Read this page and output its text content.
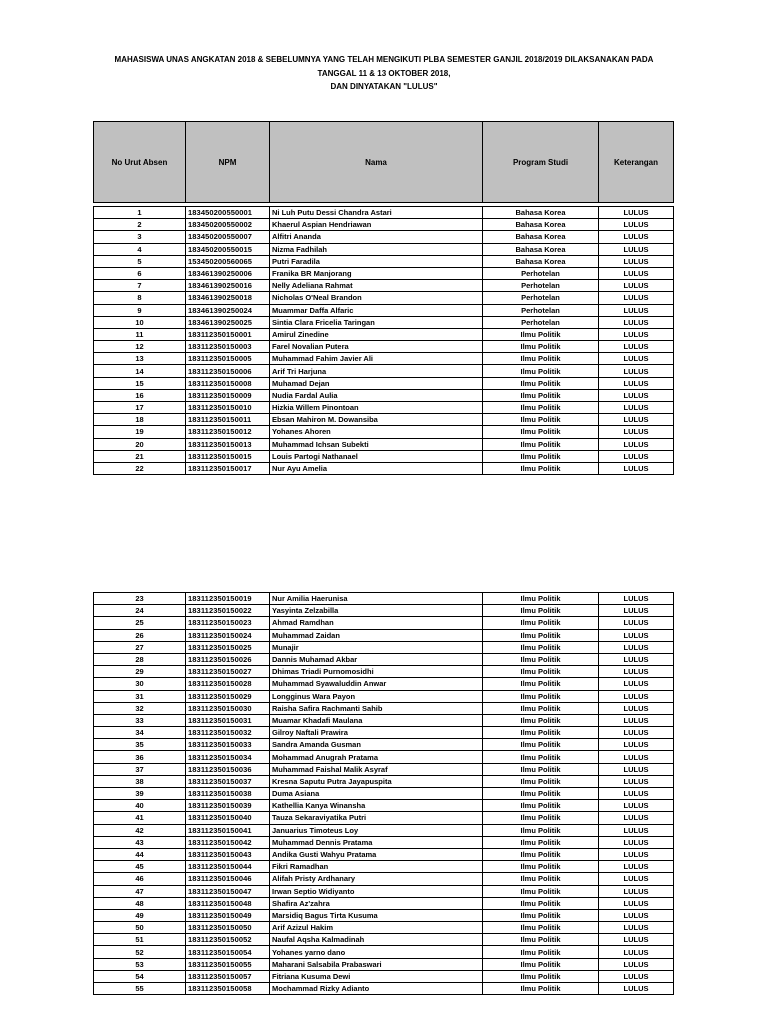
MAHASISWA UNAS ANGKATAN 2018 & SEBELUMNYA YANG TELAH MENGIKUTI PLBA SEMESTER GANJIL 2018/2019 DILAKSANAKAN PADA
TANGGAL 11 & 13 OKTOBER 2018,
DAN DINYATAKAN "LULUS"
No Urut Absen	NPM	Nama	Program Studi	Keterangan

1	183450200550001	Ni Luh Putu Dessi Chandra Astari	Bahasa Korea	LULUS
2	183450200550002	Khaerul Aspian Hendriawan	Bahasa Korea	LULUS
3	183450200550007	Alfitri Ananda	Bahasa Korea	LULUS
4	183450200550015	Nizma Fadhilah	Bahasa Korea	LULUS
5	153450200560065	Putri Faradila	Bahasa Korea	LULUS
6	183461390250006	Franika BR Manjorang	Perhotelan	LULUS
7	183461390250016	Nelly Adeliana Rahmat	Perhotelan	LULUS
8	183461390250018	Nicholas O'Neal Brandon	Perhotelan	LULUS
9	183461390250024	Muammar Daffa Alfaric	Perhotelan	LULUS
10	183461390250025	Sintia Clara Fricelia Taringan	Perhotelan	LULUS
11	183112350150001	Amirul Zinedine	Ilmu Politik	LULUS
12	183112350150003	Farel Novalian Putera	Ilmu Politik	LULUS
13	183112350150005	Muhammad Fahim Javier Ali	Ilmu Politik	LULUS
14	183112350150006	Arif Tri Harjuna	Ilmu Politik	LULUS
15	183112350150008	Muhamad Dejan	Ilmu Politik	LULUS
16	183112350150009	Nudia Fardal Aulia	Ilmu Politik	LULUS
17	183112350150010	Hizkia Willem Pinontoan	Ilmu Politik	LULUS
18	183112350150011	Ebsan Mahiron M. Dowansiba	Ilmu Politik	LULUS
19	183112350150012	Yohanes Ahoren	Ilmu Politik	LULUS
20	183112350150013	Muhammad Ichsan Subekti	Ilmu Politik	LULUS
21	183112350150015	Louis Partogi Nathanael	Ilmu Politik	LULUS
22	183112350150017	Nur Ayu Amelia	Ilmu Politik	LULUS
23	183112350150019	Nur Amilia Haerunisa	Ilmu Politik	LULUS
24	183112350150022	Yasyinta Zelzabilla	Ilmu Politik	LULUS
25	183112350150023	Ahmad Ramdhan	Ilmu Politik	LULUS
26	183112350150024	Muhammad Zaidan	Ilmu Politik	LULUS
27	183112350150025	Munajir	Ilmu Politik	LULUS
28	183112350150026	Dannis Muhamad Akbar	Ilmu Politik	LULUS
29	183112350150027	Dhimas Triadi Purnomosidhi	Ilmu Politik	LULUS
30	183112350150028	Muhammad Syawaluddin Anwar	Ilmu Politik	LULUS
31	183112350150029	Longginus Wara Payon	Ilmu Politik	LULUS
32	183112350150030	Raisha Safira Rachmanti Sahib	Ilmu Politik	LULUS
33	183112350150031	Muamar Khadafi Maulana	Ilmu Politik	LULUS
34	183112350150032	Gilroy Naftali Prawira	Ilmu Politik	LULUS
35	183112350150033	Sandra Amanda Gusman	Ilmu Politik	LULUS
36	183112350150034	Mohammad Anugrah Pratama	Ilmu Politik	LULUS
37	183112350150036	Muhammad Faishal Malik Asyraf	Ilmu Politik	LULUS
38	183112350150037	Kresna Saputu Putra Jayapuspita	Ilmu Politik	LULUS
39	183112350150038	Duma Asiana	Ilmu Politik	LULUS
40	183112350150039	Kathellia Kanya Winansha	Ilmu Politik	LULUS
41	183112350150040	Tauza Sekaraviyatika Putri	Ilmu Politik	LULUS
42	183112350150041	Januarius Timoteus Loy	Ilmu Politik	LULUS
43	183112350150042	Muhammad Dennis Pratama	Ilmu Politik	LULUS
44	183112350150043	Andika Gusti Wahyu Pratama	Ilmu Politik	LULUS
45	183112350150044	Fikri Ramadhan	Ilmu Politik	LULUS
46	183112350150046	Alifah Pristy Ardhanary	Ilmu Politik	LULUS
47	183112350150047	Irwan Septio Widiyanto	Ilmu Politik	LULUS
48	183112350150048	Shafira Az'zahra	Ilmu Politik	LULUS
49	183112350150049	Marsidiq Bagus Tirta Kusuma	Ilmu Politik	LULUS
50	183112350150050	Arif Azizul Hakim	Ilmu Politik	LULUS
51	183112350150052	Naufal Aqsha Kalmadinah	Ilmu Politik	LULUS
52	183112350150054	Yohanes yarno dano	Ilmu Politik	LULUS
53	183112350150055	Maharani Salsabila Prabaswari	Ilmu Politik	LULUS
54	183112350150057	Fitriana Kusuma Dewi	Ilmu Politik	LULUS
55	183112350150058	Mochammad Rizky Adianto	Ilmu Politik	LULUS
